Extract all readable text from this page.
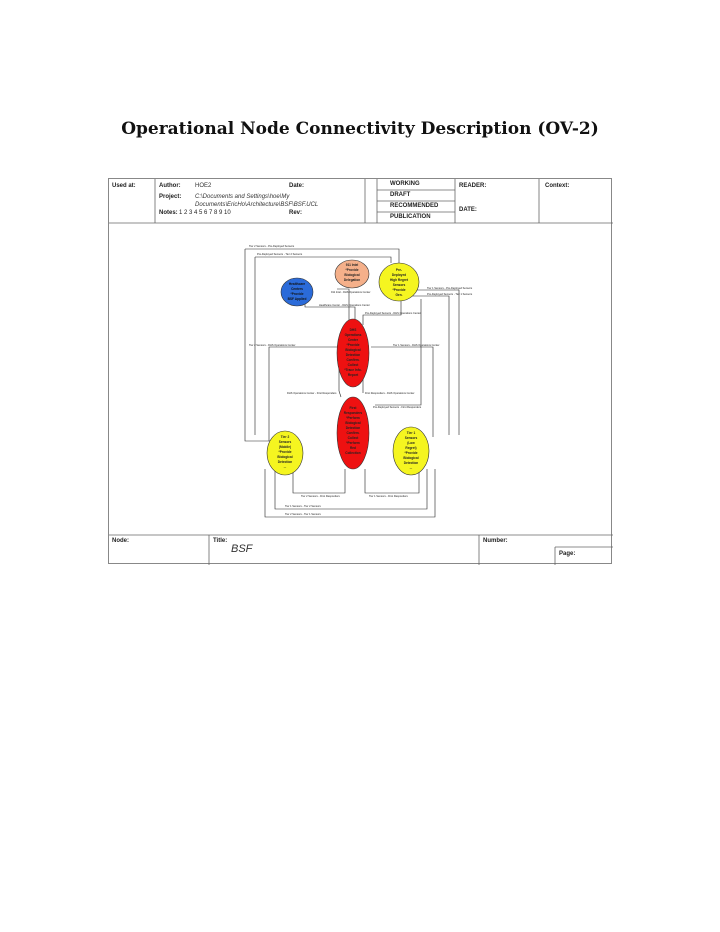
Operational Node Connectivity Description (OV-2)
Used at:	Author: HOE2	Date:
Project: C:\Documents and Settings\hoe\My
Documents\EricHo\Architecture\BSF\BSF.UCL
Notes: 1 2 3 4 5 6 7 8 9 10	Rev:
WORKING
DRAFT
RECOMMENDED
PUBLICATION
READER:
DATE:
Context:
Node:	Title:
BSF
Number:
Page:
911 Intel
*Provide
Biological
Delegation
Healthcare
Centers
*Provide
BSF Applied
Pre-
Deployed
High Regret
Sensors
*Provide
Gen.
DHS
Operations
Center
*Provide
Biological
Detection
Confirm.
Collect
*Trace Info.
Report
First
Responders
*Perform
Biological
Detection
Confirm.
Collect
*Perform
Red
Collection
Tier 2
Sensors
(Mobile)
*Provide
Biological
Detection
...
Tier 1
Sensors
(Low
Regret)
*Provide
Biological
Detection
...
Tier 2 Sensors - Pre-Deployed Sensors
Pre-Deployed Sensors - Tier 2 Sensors
911 Intel - DHS Operations Center
Tier 1 Sensors - Pre-Deployed Sensors
Pre-Deployed Sensors - Tier 1 Sensors
Healthcare Center - DHS Operations Center
Pre-Deployed Sensors - DHS Operations Center
Tier 2 Sensors - DHS Operations Center	Tier 1 Sensors - DHS Operations Center
DHS Operations Center - First Responders	First Responders - DHS Operations Center
Pre-Deployed Sensors - First Responders
Tier 2 Sensors - First Responders	Tier 1 Sensors - First Responders
Tier 1 Sensors - Tier 2 Sensors
Tier 2 Sensors - Tier 1 Sensors
